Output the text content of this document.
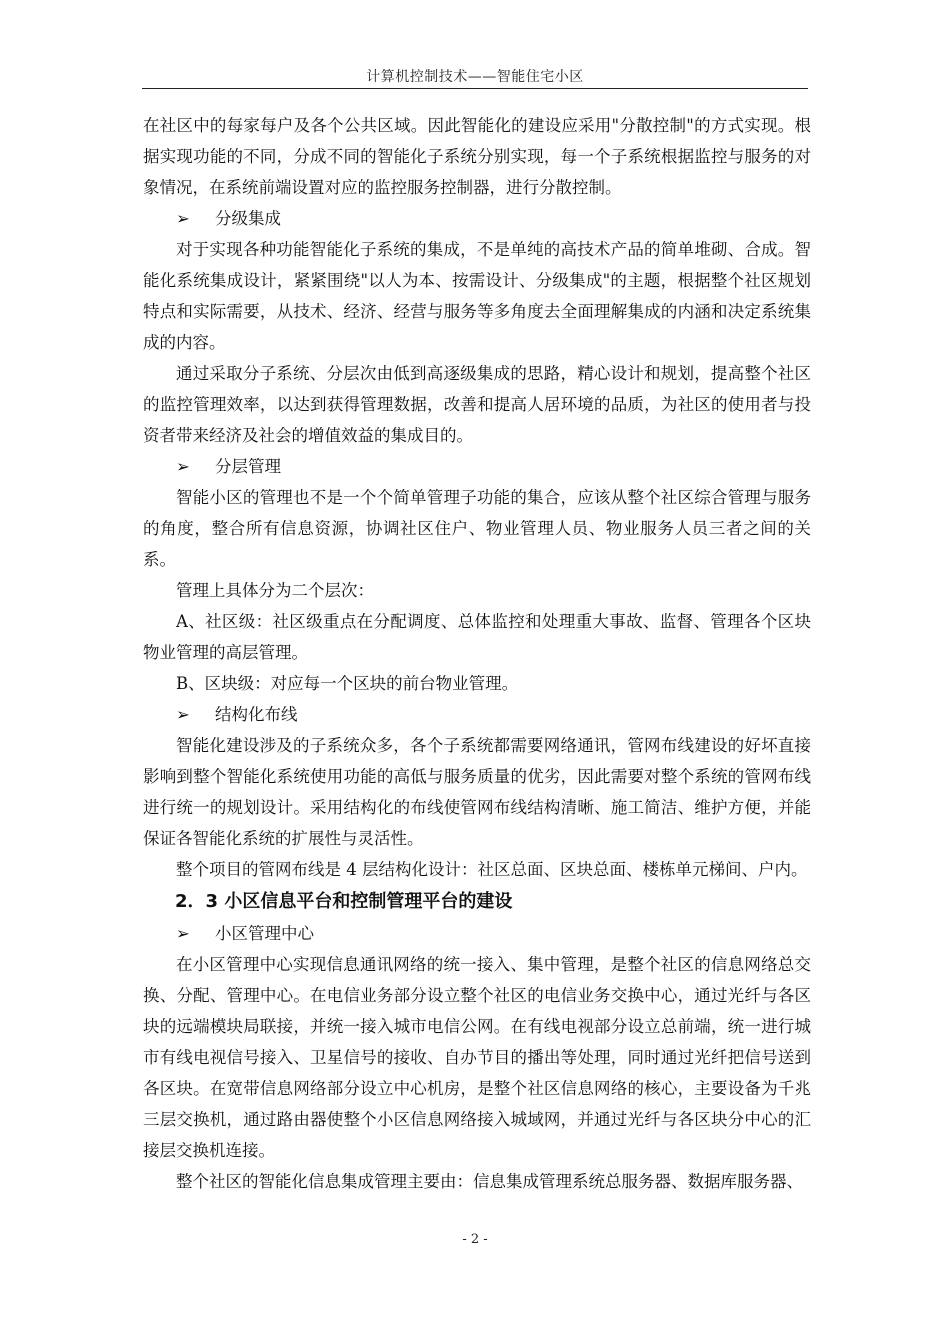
计算机控制技术——智能住宅小区

在社区中的每家每户及各个公共区域。因此智能化的建设应采用"分散控制"的方式实现。根据实现功能的不同，分成不同的智能化子系统分别实现，每一个子系统根据监控与服务的对象情况，在系统前端设置对应的监控服务控制器，进行分散控制。

➢ 分级集成

对于实现各种功能智能化子系统的集成，不是单纯的高技术产品的简单堆砌、合成。智能化系统集成设计，紧紧围绕"以人为本、按需设计、分级集成"的主题，根据整个社区规划特点和实际需要，从技术、经济、经营与服务等多角度去全面理解集成的内涵和决定系统集成的内容。

通过采取分子系统、分层次由低到高逐级集成的思路，精心设计和规划，提高整个社区的监控管理效率，以达到获得管理数据，改善和提高人居环境的品质，为社区的使用者与投资者带来经济及社会的增值效益的集成目的。

➢ 分层管理

智能小区的管理也不是一个个简单管理子功能的集合，应该从整个社区综合管理与服务的角度，整合所有信息资源，协调社区住户、物业管理人员、物业服务人员三者之间的关系。

管理上具体分为二个层次：

A、社区级：社区级重点在分配调度、总体监控和处理重大事故、监督、管理各个区块物业管理的高层管理。

B、区块级：对应每一个区块的前台物业管理。

➢ 结构化布线

智能化建设涉及的子系统众多，各个子系统都需要网络通讯，管网布线建设的好坏直接影响到整个智能化系统使用功能的高低与服务质量的优劣，因此需要对整个系统的管网布线进行统一的规划设计。采用结构化的布线使管网布线结构清晰、施工简洁、维护方便，并能保证各智能化系统的扩展性与灵活性。

整个项目的管网布线是 4 层结构化设计：社区总面、区块总面、楼栋单元梯间、户内。

2．3 小区信息平台和控制管理平台的建设

➢ 小区管理中心

在小区管理中心实现信息通讯网络的统一接入、集中管理，是整个社区的信息网络总交换、分配、管理中心。在电信业务部分设立整个社区的电信业务交换中心，通过光纤与各区块的远端模块局联接，并统一接入城市电信公网。在有线电视部分设立总前端，统一进行城市有线电视信号接入、卫星信号的接收、自办节目的播出等处理，同时通过光纤把信号送到各区块。在宽带信息网络部分设立中心机房，是整个社区信息网络的核心，主要设备为千兆三层交换机，通过路由器使整个小区信息网络接入城域网，并通过光纤与各区块分中心的汇接层交换机连接。

整个社区的智能化信息集成管理主要由：信息集成管理系统总服务器、数据库服务器、

- 2 -
